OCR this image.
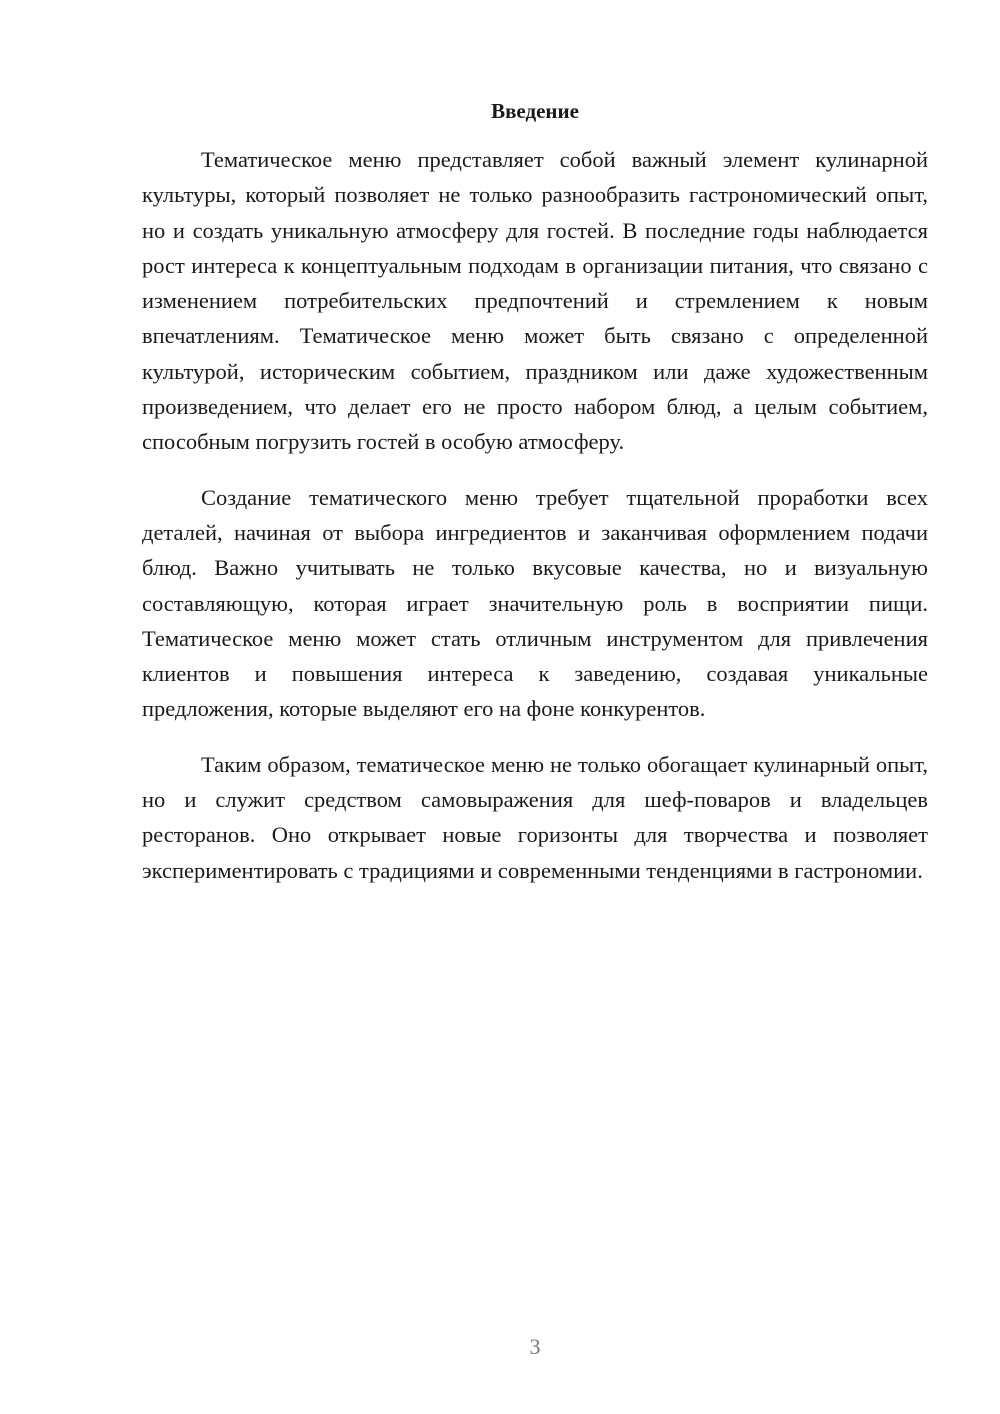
Введение

Тематическое меню представляет собой важный элемент кулинарной культуры, который позволяет не только разнообразить гастрономический опыт, но и создать уникальную атмосферу для гостей. В последние годы наблюдается рост интереса к концептуальным подходам в организации питания, что связано с изменением потребительских предпочтений и стремлением к новым впечатлениям. Тематическое меню может быть связано с определенной культурой, историческим событием, праздником или даже художественным произведением, что делает его не просто набором блюд, а целым событием, способным погрузить гостей в особую атмосферу.

Создание тематического меню требует тщательной проработки всех деталей, начиная от выбора ингредиентов и заканчивая оформлением подачи блюд. Важно учитывать не только вкусовые качества, но и визуальную составляющую, которая играет значительную роль в восприятии пищи. Тематическое меню может стать отличным инструментом для привлечения клиентов и повышения интереса к заведению, создавая уникальные предложения, которые выделяют его на фоне конкурентов.

Таким образом, тематическое меню не только обогащает кулинарный опыт, но и служит средством самовыражения для шеф-поваров и владельцев ресторанов. Оно открывает новые горизонты для творчества и позволяет экспериментировать с традициями и современными тенденциями в гастрономии.

3
